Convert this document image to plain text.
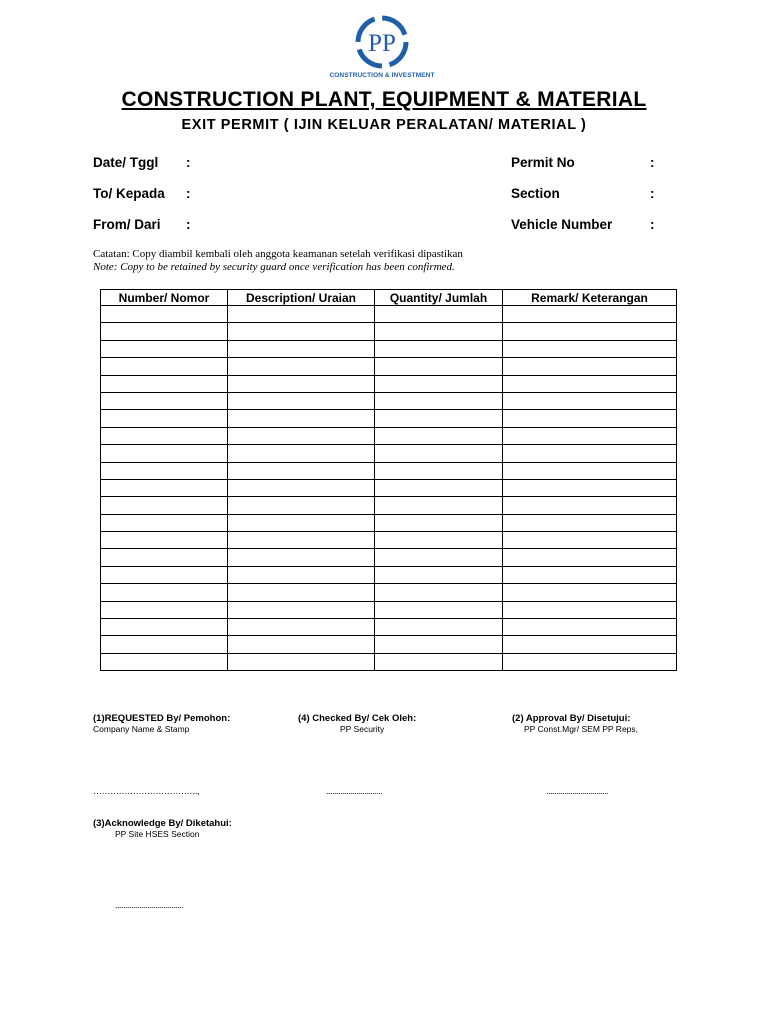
PP
CONSTRUCTION & INVESTMENT
CONSTRUCTION PLANT, EQUIPMENT & MATERIAL
EXIT PERMIT ( IJIN KELUAR PERALATAN/ MATERIAL )
Date/ Tggl :
To/ Kepada :
From/ Dari :
Permit No	:
Section	:
Vehicle Number	:
Catatan: Copy diambil kembali oleh anggota keamanan setelah verifikasi dipastikan
Note: Copy to be retained by security guard once verification has been confirmed.
Number/ Nomor	Description/ Uraian	Quantity/ Jumlah	Remark/ Keterangan

(1)REQUESTED By/ Pemohon:
Company Name & Stamp
……………………………….,
(4) Checked By/ Cek Oleh:
PP Security
............................
(2) Approval By/ Disetujui:
PP Const.Mgr/ SEM PP Reps,
...............................
(3)Acknowledge By/ Diketahui:
PP Site HSES Section
..................................
